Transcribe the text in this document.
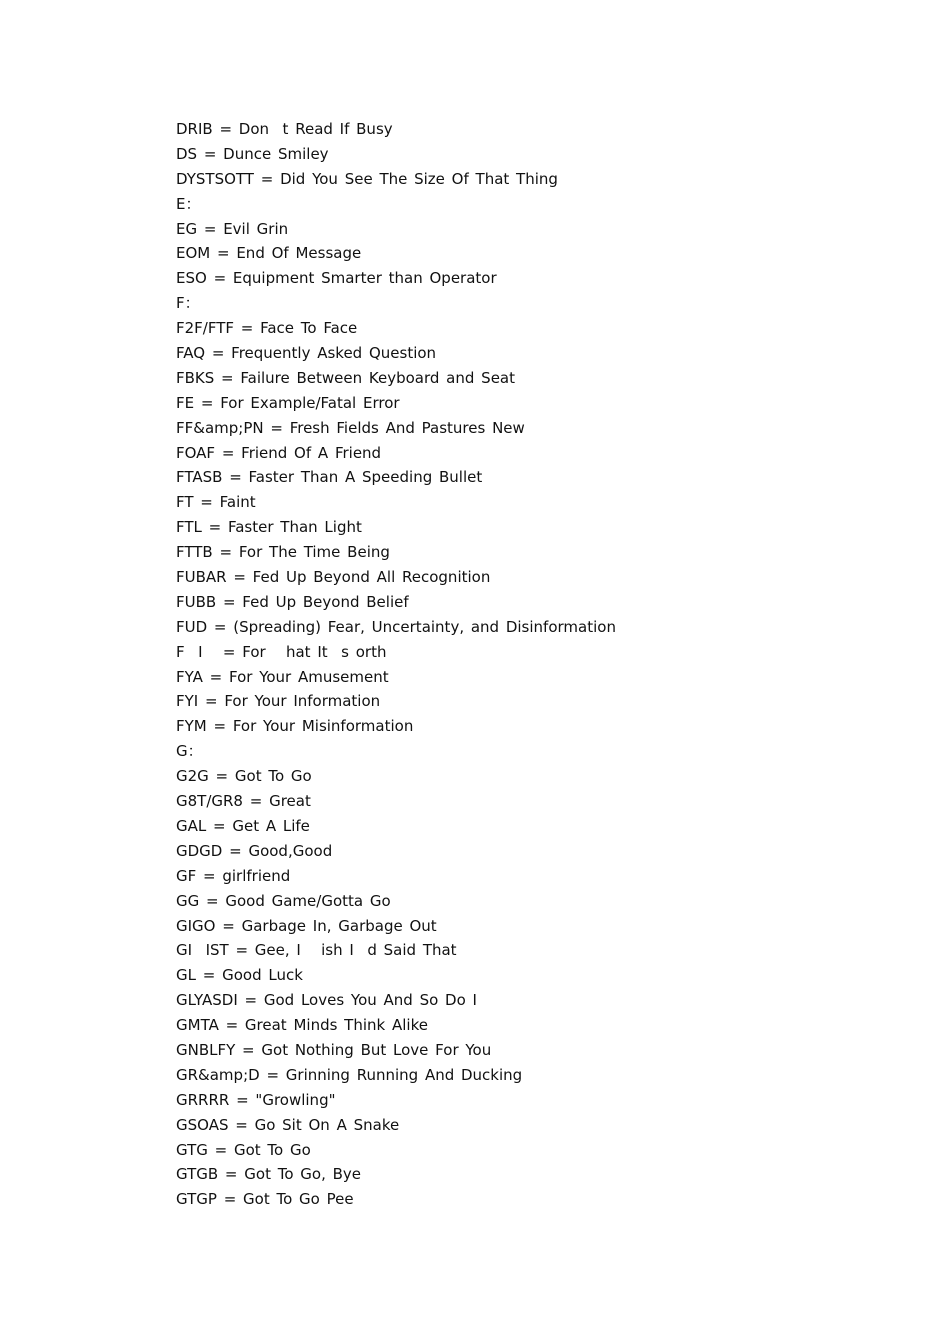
DRIB = Don  t Read If Busy
DS = Dunce Smiley
DYSTSOTT = Did You See The Size Of That Thing
E：
EG = Evil Grin
EOM = End Of Message
ESO = Equipment Smarter than Operator
F：
F2F/FTF = Face To Face
FAQ = Frequently Asked Question
FBKS = Failure Between Keyboard and Seat
FE = For Example/Fatal Error
FF&amp;PN = Fresh Fields And Pastures New
FOAF = Friend Of A Friend
FTASB = Faster Than A Speeding Bullet
FT = Faint
FTL = Faster Than Light
FTTB = For The Time Being
FUBAR = Fed Up Beyond All Recognition
FUBB = Fed Up Beyond Belief
FUD = (Spreading) Fear, Uncertainty, and Disinformation
F  I   = For   hat It  s orth
FYA = For Your Amusement
FYI = For Your Information
FYM = For Your Misinformation
G：
G2G = Got To Go
G8T/GR8 = Great
GAL = Get A Life
GDGD = Good,Good
GF = girlfriend
GG = Good Game/Gotta Go
GIGO = Garbage In, Garbage Out
GI  IST = Gee, I   ish I  d Said That
GL = Good Luck
GLYASDI = God Loves You And So Do I
GMTA = Great Minds Think Alike
GNBLFY = Got Nothing But Love For You
GR&amp;D = Grinning Running And Ducking
GRRRR = "Growling"
GSOAS = Go Sit On A Snake
GTG = Got To Go
GTGB = Got To Go, Bye
GTGP = Got To Go Pee
